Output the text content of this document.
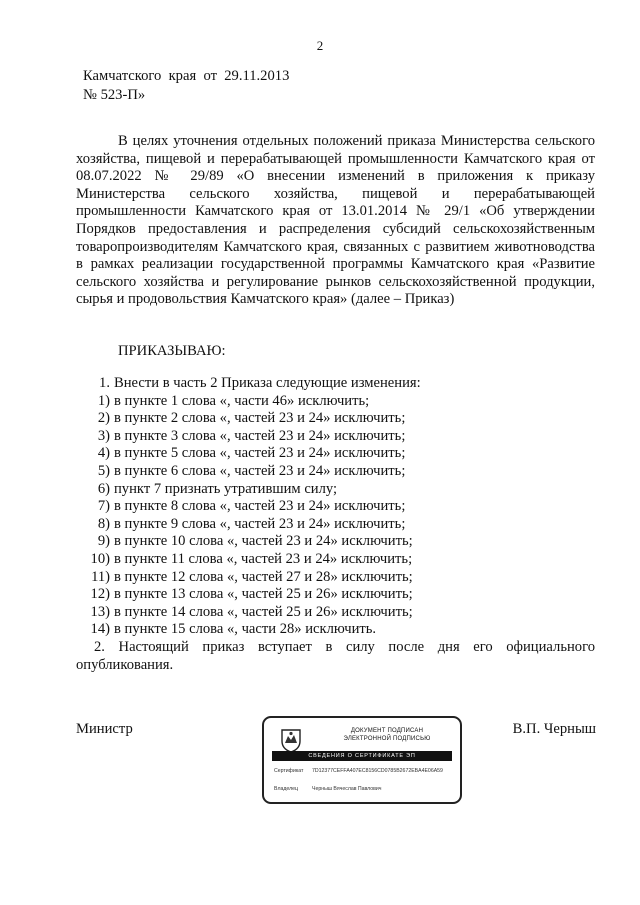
2
Камчатского  края  от  29.11.2013
№ 523-П»
В целях уточнения отдельных положений приказа Министерства сельского хозяйства, пищевой и перерабатывающей промышленности Камчатского края от 08.07.2022 № 29/89 «О внесении изменений в приложения к приказу Министерства сельского хозяйства, пищевой и перерабатывающей промышленности Камчатского края от 13.01.2014 № 29/1 «Об утверждении Порядков предоставления и распределения субсидий сельскохозяйственным товаропроизводителям Камчатского края, связанных с развитием животноводства в рамках реализации государственной программы Камчатского края «Развитие сельского хозяйства и регулирование рынков сельскохозяйственной продукции, сырья и продовольствия Камчатского края» (далее – Приказ)
ПРИКАЗЫВАЮ:
1. Внести в часть 2 Приказа следующие изменения:
1) в пункте 1 слова «, части 46» исключить;
2) в пункте 2 слова «, частей 23 и 24» исключить;
3) в пункте 3 слова «, частей 23 и 24» исключить;
4) в пункте 5 слова «, частей 23 и 24» исключить;
5) в пункте 6 слова «, частей 23 и 24» исключить;
6) пункт 7 признать утратившим силу;
7) в пункте 8 слова «, частей 23 и 24» исключить;
8) в пункте 9 слова «, частей 23 и 24» исключить;
9) в пункте 10 слова «, частей 23 и 24» исключить;
10) в пункте 11 слова «, частей 23 и 24» исключить;
11) в пункте 12 слова «, частей 27 и 28» исключить;
12) в пункте 13 слова «, частей 25 и 26» исключить;
13) в пункте 14 слова «, частей 25 и 26» исключить;
14) в пункте 15 слова «, части 28» исключить.
2. Настоящий приказ вступает в силу после дня его официального опубликования.
Министр	В.П. Черныш
ДОКУМЕНТ ПОДПИСАН
ЭЛЕКТРОННОЙ ПОДПИСЬЮ
СВЕДЕНИЯ О СЕРТИФИКАТЕ ЭП
Сертификат 7D12377CEFFA407EC8156CD0785B2672EBA4E06A59
Владелец	Черныш Вячеслав Павлович
